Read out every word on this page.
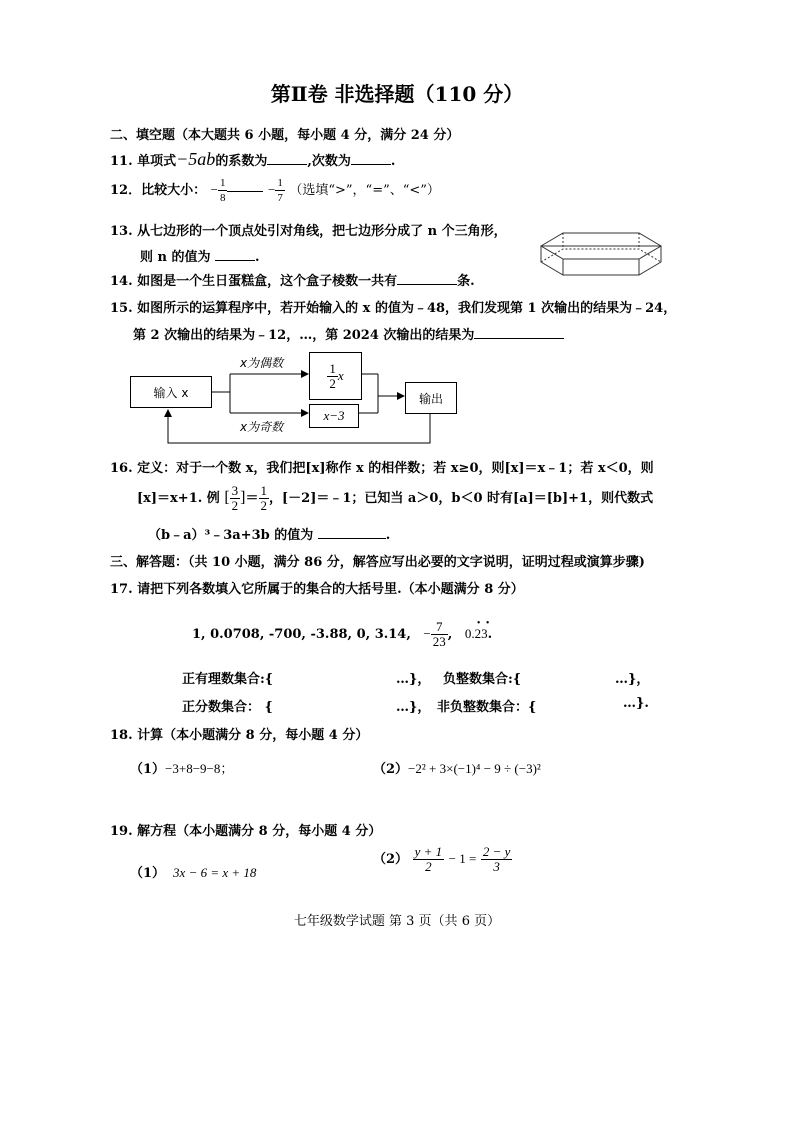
第Ⅱ卷 非选择题（110 分）
二、填空题（本大题共 6 小题，每小题 4 分，满分 24 分）
11. 单项式−5ab的系数为	,次数为	.
12．比较大小： − $\frac{1}{8}$	− $\frac{1}{7}$ （选填“>”，“=”、“<”）
13. 从七边形的一个顶点处引对角线，把七边形分成了 n 个三角形，
则 n 的值为	.
14. 如图是一个生日蛋糕盒，这个盒子棱数一共有	条.
15. 如图所示的运算程序中，若开始输入的 x 的值为﹣48，我们发现第 1 次输出的结果为﹣24，
第 2 次输出的结果为﹣12，…，第 2024 次输出的结果为
输入 x
x为偶数
x为奇数
$\frac{1}{2}$ x
x−3
输出
16. 定义：对于一个数 x，我们把[x]称作 x 的相伴数；若 x≥0，则[x]＝x﹣1；若 x＜0，则
[x]＝x+1. 例 [ $\frac{3}{2}$ ]＝ $\frac{1}{2}$ ，[－2]＝﹣1；已知当 a＞0，b＜0 时有[a]＝[b]+1，则代数式
（b﹣a）³﹣3a+3b 的值为	.
三、解答题：（共 10 小题，满分 86 分，解答应写出必要的文字说明，证明过程或演算步骤)
17. 请把下列各数填入它所属于的集合的大括号里.（本小题满分 8 分）
1, 0.0708, -700, -3.88, 0, 3.14, − $\frac{7}{23}$ , 0.23
• •
.
正有理数集合:{	…}， 负整数集合:{	…}，
正分数集合： {	…}， 非负整数集合：{	…}.
18. 计算（本小题满分 8 分，每小题 4 分）
（1）−3+8−9−8；	（2）−2² + 3×(−1)⁴ − 9 ÷ (−3)²
19. 解方程（本小题满分 8 分，每小题 4 分）
（1） 3x − 6 = x + 18
$(2) \frac{y + 1}{2} - 1 = \frac{2 - y}{3}$
七年级数学试题 第 3 页（共 6 页）
